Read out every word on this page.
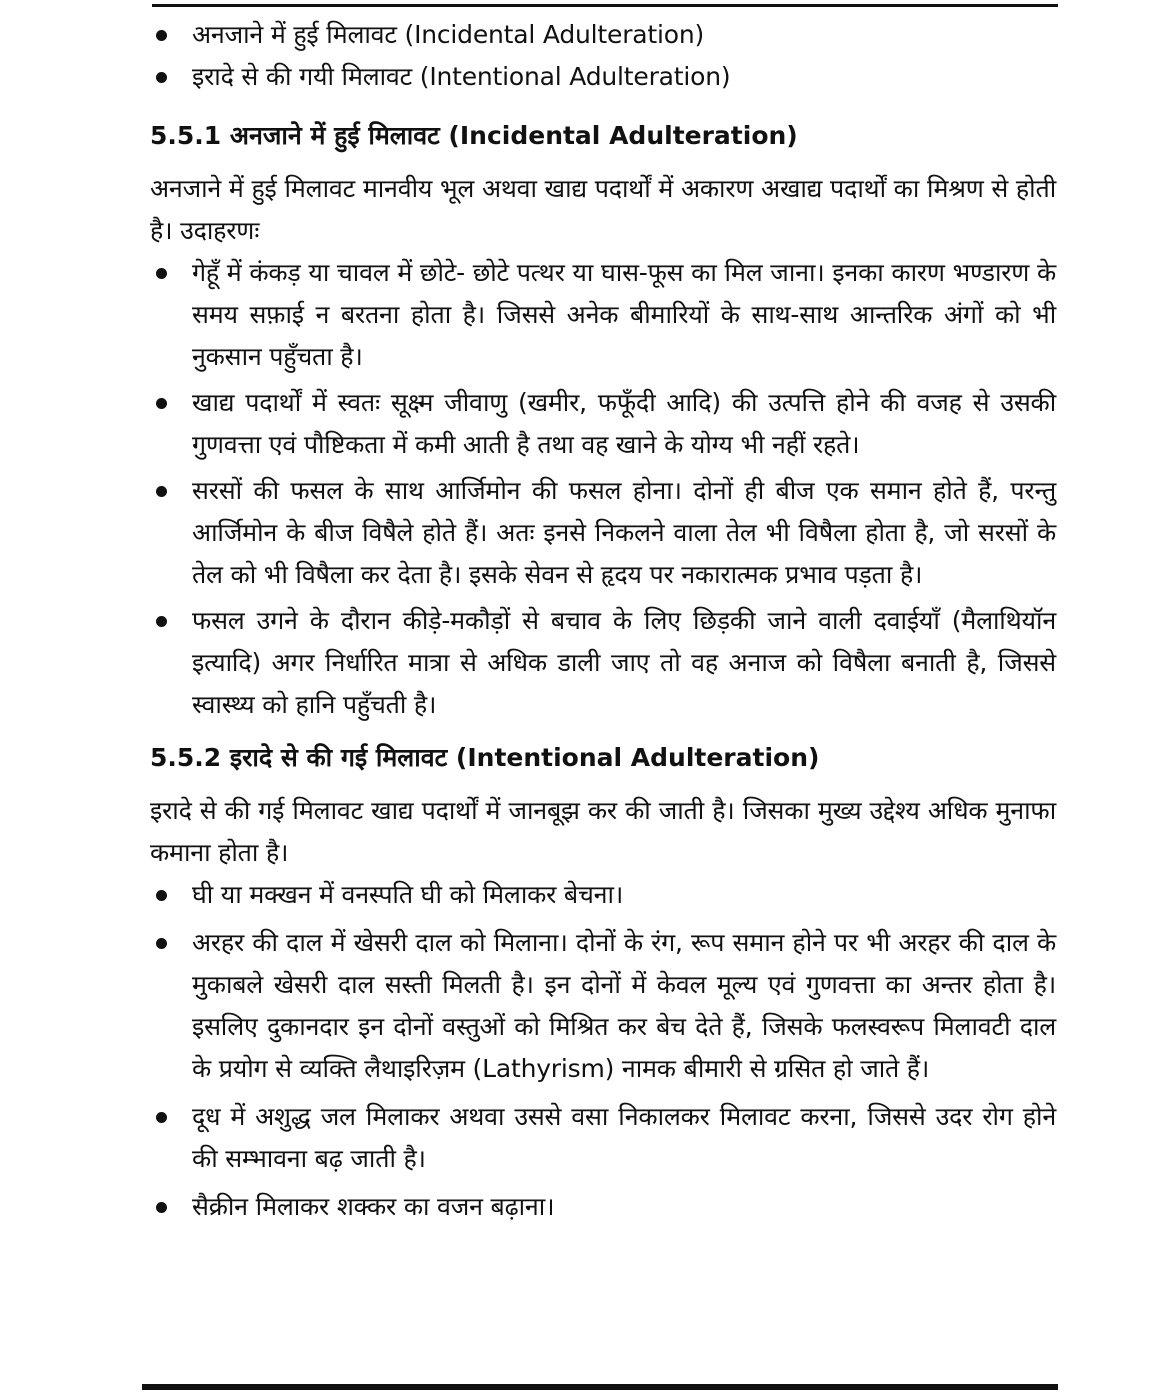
अनजाने में हुई मिलावट (Incidental Adulteration)
इरादे से की गयी मिलावट (Intentional Adulteration)
5.5.1 अनजाने में हुई मिलावट (Incidental Adulteration)

अनजाने में हुई मिलावट मानवीय भूल अथवा खाद्य पदार्थों में अकारण अखाद्य पदार्थों का मिश्रण से होती है। उदाहरणः

गेहूँ में कंकड़ या चावल में छोटे- छोटे पत्थर या घास-फूस का मिल जाना। इनका कारण भण्डारण के समय सफ़ाई न बरतना होता है। जिससे अनेक बीमारियों के साथ-साथ आन्तरिक अंगों को भी नुकसान पहुँचता है।
खाद्य पदार्थों में स्वतः सूक्ष्म जीवाणु (खमीर, फफूँदी आदि) की उत्पत्ति होने की वजह से उसकी गुणवत्ता एवं पौष्टिकता में कमी आती है तथा वह खाने के योग्य भी नहीं रहते।
सरसों की फसल के साथ आर्जिमोन की फसल होना। दोनों ही बीज एक समान होते हैं, परन्तु आर्जिमोन के बीज विषैले होते हैं। अतः इनसे निकलने वाला तेल भी विषैला होता है, जो सरसों के तेल को भी विषैला कर देता है। इसके सेवन से हृदय पर नकारात्मक प्रभाव पड़ता है।
फसल उगने के दौरान कीड़े-मकौड़ों से बचाव के लिए छिड़की जाने वाली दवाईयाँ (मैलाथियॉन इत्यादि) अगर निर्धारित मात्रा से अधिक डाली जाए तो वह अनाज को विषैला बनाती है, जिससे स्वास्थ्य को हानि पहुँचती है।
5.5.2 इरादे से की गई मिलावट (Intentional Adulteration)

इरादे से की गई मिलावट खाद्य पदार्थों में जानबूझ कर की जाती है। जिसका मुख्य उद्देश्य अधिक मुनाफा कमाना होता है।

घी या मक्खन में वनस्पति घी को मिलाकर बेचना।
अरहर की दाल में खेसरी दाल को मिलाना। दोनों के रंग, रूप समान होने पर भी अरहर की दाल के मुकाबले खेसरी दाल सस्ती मिलती है। इन दोनों में केवल मूल्य एवं गुणवत्ता का अन्तर होता है। इसलिए दुकानदार इन दोनों वस्तुओं को मिश्रित कर बेच देते हैं, जिसके फलस्वरूप मिलावटी दाल के प्रयोग से व्यक्ति लैथाइरिज़म (Lathyrism) नामक बीमारी से ग्रसित हो जाते हैं।
दूध में अशुद्ध जल मिलाकर अथवा उससे वसा निकालकर मिलावट करना, जिससे उदर रोग होने की सम्भावना बढ़ जाती है।
सैक्रीन मिलाकर शक्कर का वजन बढ़ाना।
